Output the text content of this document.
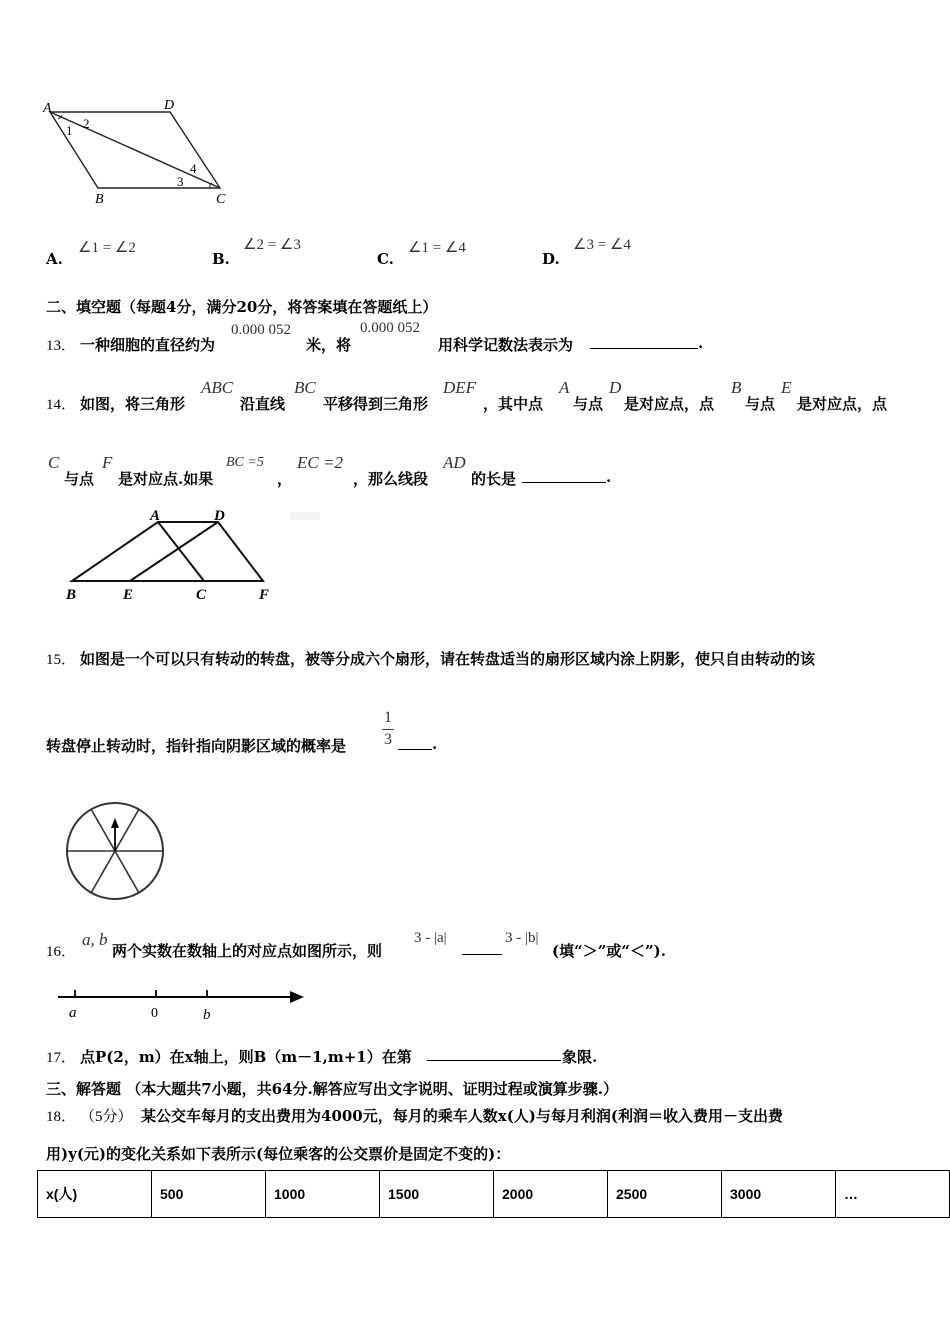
A	D
B	C
1 2
3
4
A.
∠1 = ∠2
B.
∠2 = ∠3
C.
∠1 = ∠4
D.
∠3 = ∠4
二、填空题（每题4分，满分20分，将答案填在答题纸上）
13． 一种细胞的直径约为
0.000 052
米，将
0.000 052
用科学记数法表示为	.
14． 如图，将三角形
ABC
沿直线
BC
平移得到三角形
DEF
，其中点
A
与点
D
是对应点，点
B
与点
E
是对应点，点
C
与点
F
是对应点.如果
BC =5
，
EC =2
，那么线段
AD
的长是	.
A	D
B	E	C	F
15． 如图是一个可以只有转动的转盘，被等分成六个扇形，请在转盘适当的扇形区域内涂上阴影，使只自由转动的该
转盘停止转动时，指针指向阴影区域的概率是
1
3	.
16．
a, b
两个实数在数轴上的对应点如图所示，则
3 - |a|	3 - |b|
(填“＞”或“＜”).
a	0	b
17． 点P(2，m）在x轴上，则B（m－1,m+1）在第	象限.
三、解答题 （本大题共7小题，共64分.解答应写出文字说明、证明过程或演算步骤.）
18． （5分） 某公交车每月的支出费用为4000元，每月的乘车人数x(人)与每月利润(利润＝收入费用－支出费
用)y(元)的变化关系如下表所示(每位乘客的公交票价是固定不变的)：
x(人)	500	1000	1500	2000	2500	3000	…
